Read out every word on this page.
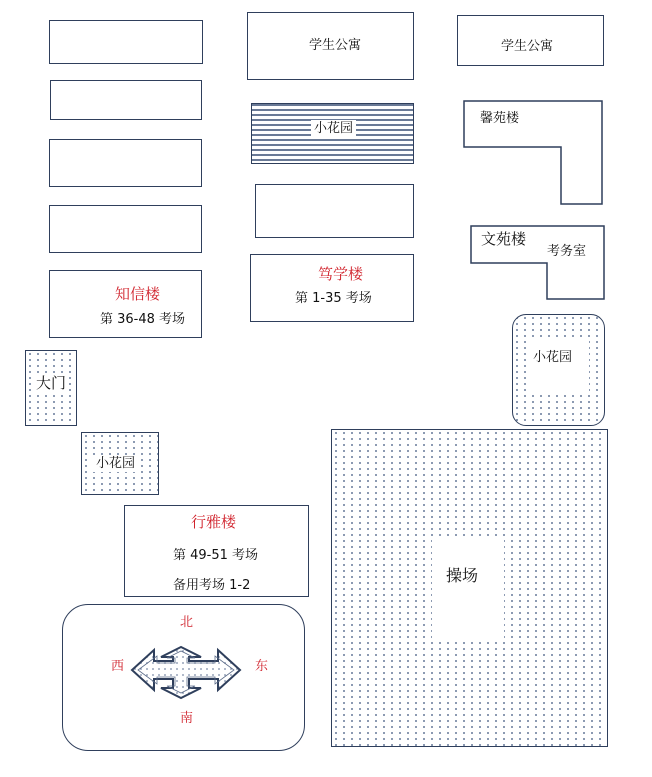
知信楼
第 36-48 考场
大门
小花园
行雅楼
第 49-51 考场
备用考场 1-2
学生公寓
小花园
笃学楼
第 1-35 考场
学生公寓
操场
小花园
馨苑楼
文苑楼
考务室
北
南
西	东
